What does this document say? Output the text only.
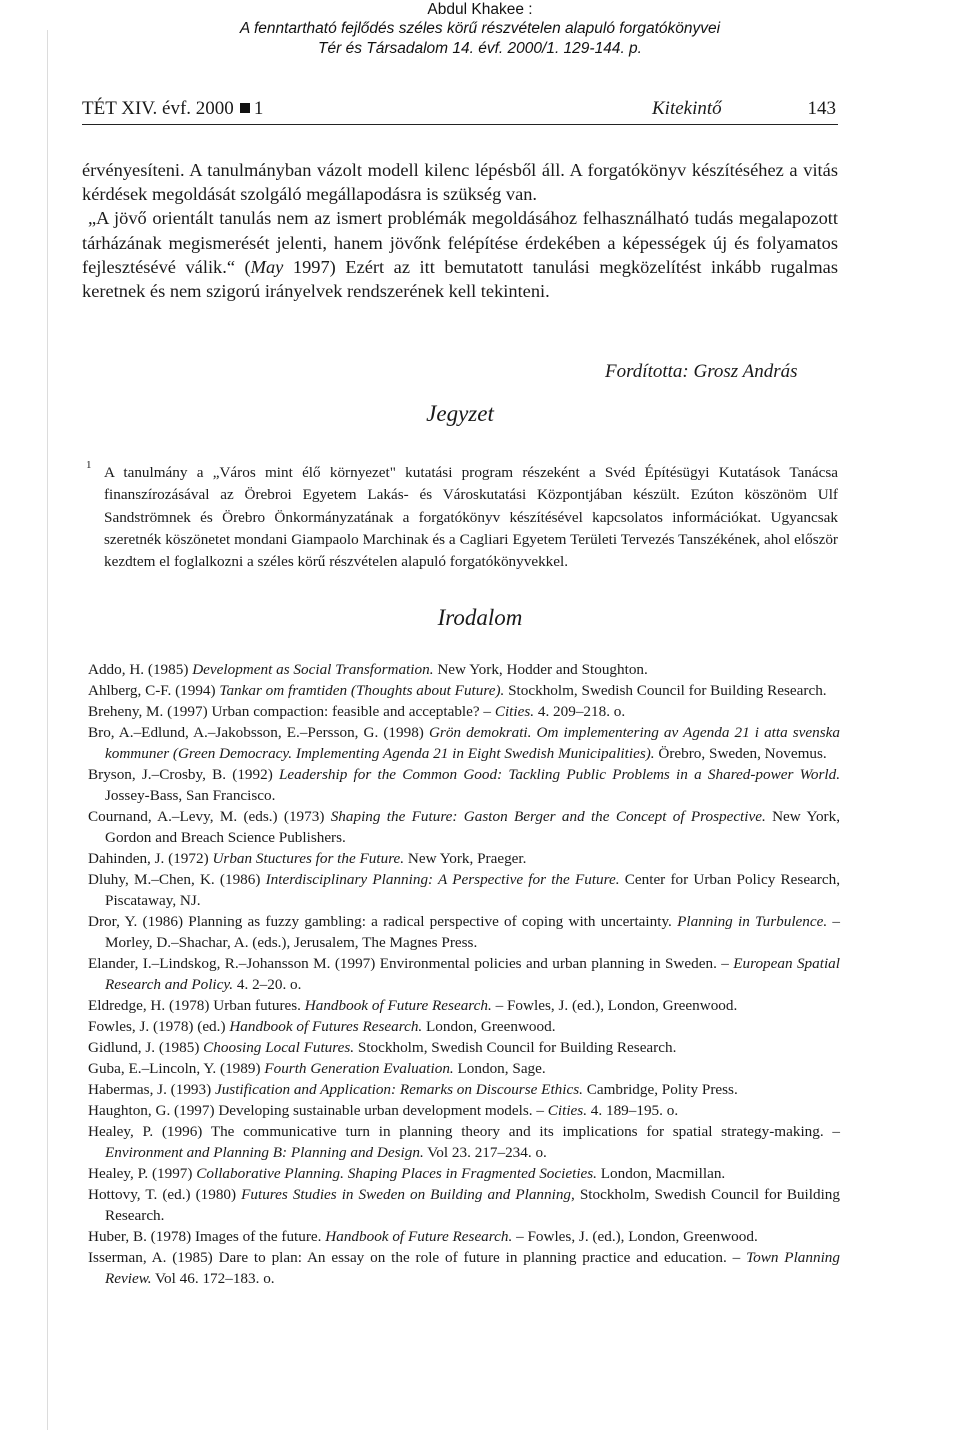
Abdul Khakee :
A fenntartható fejlődés széles körű részvételen alapuló forgatókönyvei
Tér és Társadalom 14. évf. 2000/1. 129-144. p.
TÉT XIV. évf. 2000 1	Kitekintő	143

érvényesíteni. A tanulmányban vázolt modell kilenc lépésből áll. A forgatókönyv készítéséhez a vitás kérdések megoldását szolgáló megállapodásra is szükség van.

„A jövő orientált tanulás nem az ismert problémák megoldásához felhasználható tudás megalapozott tárházának megismerését jelenti, hanem jövőnk felépítése érdekében a képességek új és folyamatos fejlesztésévé válik.“ (May 1997) Ezért az itt bemutatott tanulási megközelítést inkább rugalmas keretnek és nem szigorú irányelvek rendszerének kell tekinteni.

Fordította: Grosz András
Jegyzet
1 A tanulmány a „Város mint élő környezet" kutatási program részeként a Svéd Építésügyi Kutatások Tanácsa finanszírozásával az Örebroi Egyetem Lakás- és Városkutatási Központjában készült. Ezúton köszönöm Ulf Sandströmnek és Örebro Önkormányzatának a forgatókönyv készítésével kapcsolatos információkat. Ugyancsak szeretnék köszönetet mondani Giampaolo Marchinak és a Cagliari Egyetem Területi Tervezés Tanszékének, ahol először kezdtem el foglalkozni a széles körű részvételen alapuló forgatókönyvekkel.
Irodalom
Addo, H. (1985) Development as Social Transformation. New York, Hodder and Stoughton.
Ahlberg, C-F. (1994) Tankar om framtiden (Thoughts about Future). Stockholm, Swedish Council for Building Research.
Breheny, M. (1997) Urban compaction: feasible and acceptable? – Cities. 4. 209–218. o.
Bro, A.–Edlund, A.–Jakobsson, E.–Persson, G. (1998) Grön demokrati. Om implementering av Agenda 21 i atta svenska kommuner (Green Democracy. Implementing Agenda 21 in Eight Swedish Municipalities). Örebro, Sweden, Novemus.
Bryson, J.–Crosby, B. (1992) Leadership for the Common Good: Tackling Public Problems in a Shared-power World. Jossey-Bass, San Francisco.
Cournand, A.–Levy, M. (eds.) (1973) Shaping the Future: Gaston Berger and the Concept of Prospective. New York, Gordon and Breach Science Publishers.
Dahinden, J. (1972) Urban Stuctures for the Future. New York, Praeger.
Dluhy, M.–Chen, K. (1986) Interdisciplinary Planning: A Perspective for the Future. Center for Urban Policy Research, Piscataway, NJ.
Dror, Y. (1986) Planning as fuzzy gambling: a radical perspective of coping with uncertainty. Planning in Turbulence. – Morley, D.–Shachar, A. (eds.), Jerusalem, The Magnes Press.
Elander, I.–Lindskog, R.–Johansson M. (1997) Environmental policies and urban planning in Sweden. – European Spatial Research and Policy. 4. 2–20. o.
Eldredge, H. (1978) Urban futures. Handbook of Future Research. – Fowles, J. (ed.), London, Greenwood.
Fowles, J. (1978) (ed.) Handbook of Futures Research. London, Greenwood.
Gidlund, J. (1985) Choosing Local Futures. Stockholm, Swedish Council for Building Research.
Guba, E.–Lincoln, Y. (1989) Fourth Generation Evaluation. London, Sage.
Habermas, J. (1993) Justification and Application: Remarks on Discourse Ethics. Cambridge, Polity Press.
Haughton, G. (1997) Developing sustainable urban development models. – Cities. 4. 189–195. o.
Healey, P. (1996) The communicative turn in planning theory and its implications for spatial strategy-making. – Environment and Planning B: Planning and Design. Vol 23. 217–234. o.
Healey, P. (1997) Collaborative Planning. Shaping Places in Fragmented Societies. London, Macmillan.
Hottovy, T. (ed.) (1980) Futures Studies in Sweden on Building and Planning, Stockholm, Swedish Council for Building Research.
Huber, B. (1978) Images of the future. Handbook of Future Research. – Fowles, J. (ed.), London, Greenwood.
Isserman, A. (1985) Dare to plan: An essay on the role of future in planning practice and education. – Town Planning Review. Vol 46. 172–183. o.
